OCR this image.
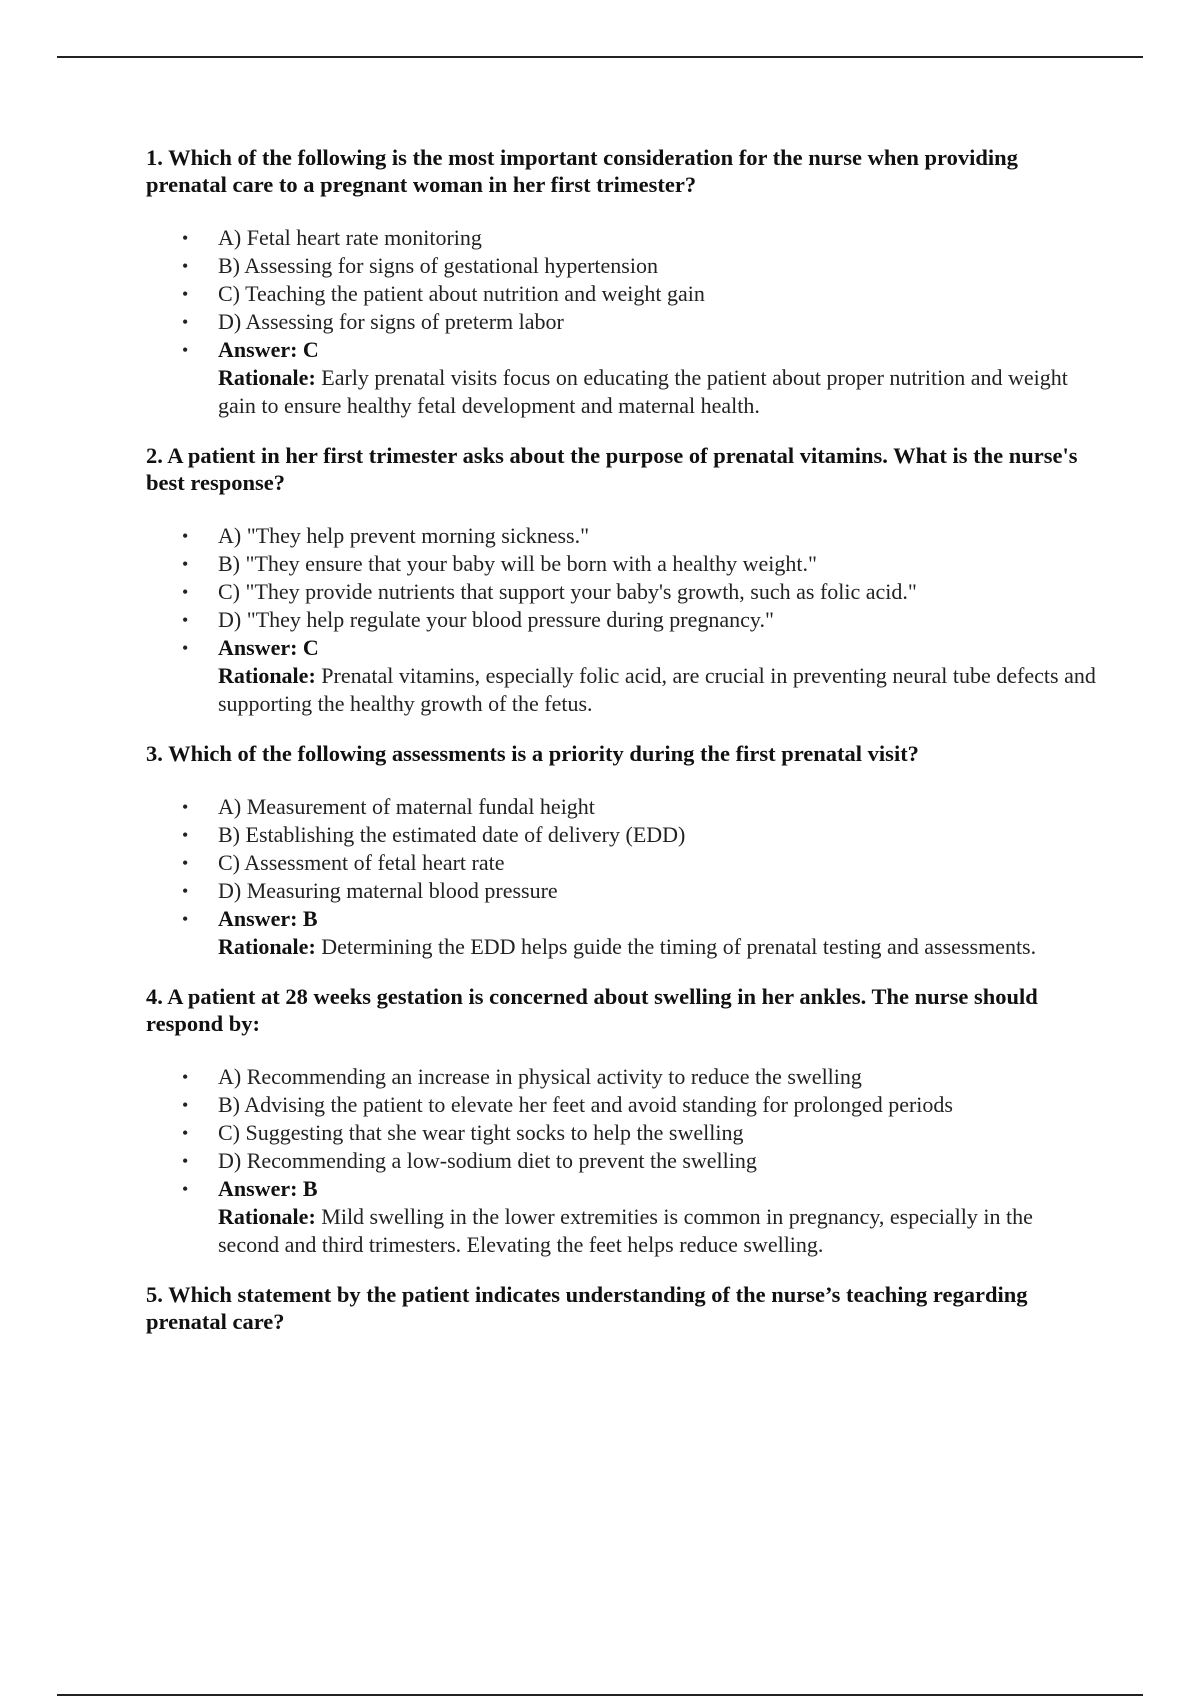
1. Which of the following is the most important consideration for the nurse when providing prenatal care to a pregnant woman in her first trimester?
• A) Fetal heart rate monitoring
• B) Assessing for signs of gestational hypertension
• C) Teaching the patient about nutrition and weight gain
• D) Assessing for signs of preterm labor
• Answer: C
Rationale: Early prenatal visits focus on educating the patient about proper nutrition and weight gain to ensure healthy fetal development and maternal health.
2. A patient in her first trimester asks about the purpose of prenatal vitamins. What is the nurse's best response?
• A) "They help prevent morning sickness."
• B) "They ensure that your baby will be born with a healthy weight."
• C) "They provide nutrients that support your baby's growth, such as folic acid."
• D) "They help regulate your blood pressure during pregnancy."
• Answer: C
Rationale: Prenatal vitamins, especially folic acid, are crucial in preventing neural tube defects and supporting the healthy growth of the fetus.
3. Which of the following assessments is a priority during the first prenatal visit?
• A) Measurement of maternal fundal height
• B) Establishing the estimated date of delivery (EDD)
• C) Assessment of fetal heart rate
• D) Measuring maternal blood pressure
• Answer: B
Rationale: Determining the EDD helps guide the timing of prenatal testing and assessments.
4. A patient at 28 weeks gestation is concerned about swelling in her ankles. The nurse should respond by:
• A) Recommending an increase in physical activity to reduce the swelling
• B) Advising the patient to elevate her feet and avoid standing for prolonged periods
• C) Suggesting that she wear tight socks to help the swelling
• D) Recommending a low-sodium diet to prevent the swelling
• Answer: B
Rationale: Mild swelling in the lower extremities is common in pregnancy, especially in the second and third trimesters. Elevating the feet helps reduce swelling.
5. Which statement by the patient indicates understanding of the nurse’s teaching regarding prenatal care?
